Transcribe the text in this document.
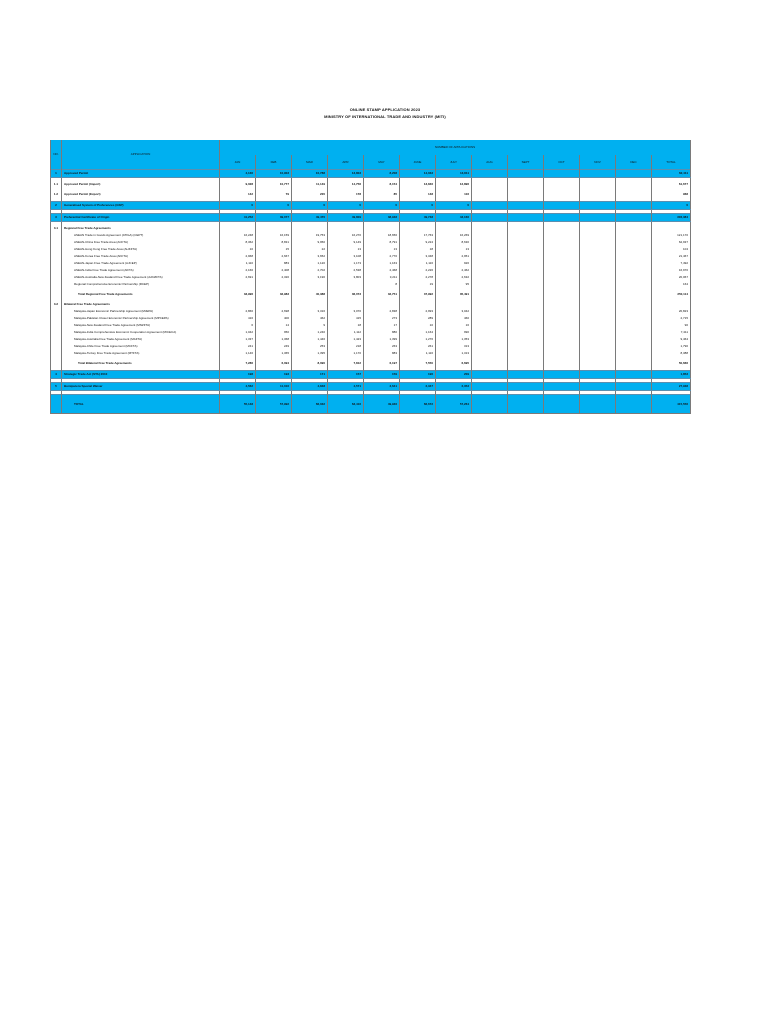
ONLINE STAMP APPLICATION 2023
MINISTRY OF INTERNATIONAL TRADE AND INDUSTRY (MITI)
NO.	APPLICATION	NUMBER OF APPLICATIONS												
		JAN	FEB	MAR	APR	MAY	JUNE	JULY	AUG	SEPT	OCT	NOV	DEC	TOTAL
1	Approved Permit	4,136	10,903	10,788	13,803	8,208	14,033	13,811						62,411

1.1	Approved Permit (Import)	9,028	10,777	11,149	14,756	8,154	13,846	12,896						61,677

1.2	Approved Permit (Export)	142	79	220	178	85	148	116						968

2	Generalised System of Preferences (GSP)	0	0	0	0	0	0	0						0

3	Preferential Certificate of Origin	41,252	39,077	49,470	49,809	38,948	49,748	43,166						306,384

3.1	Regional Free Trade Agreements													
	ASEAN Trade in Goods Agreement (ATIGA) (CEPT)	16,248	16,159	19,753	16,270	18,656	17,763	16,269						121,170
	ASEAN-China Free Trade Area (ACFTA)	8,362	8,831	9,950	9,149	8,791	9,224	8,630						62,937
	ASEAN-Hong Kong Free Trade Area (AHKFTA)	10	15	22	13	13	18	13						104
	ASEAN-Korea Free Trade Area (AKFTA)	2,968	2,667	3,652	3,108	2,770	3,348	2,951						21,467
	ASEAN-Japan Free Trade Agreement (AJCEP)	1,110	883	1,120	1,173	1,163	1,116	926						7,492
	ASEAN-India Free Trade Agreement (AIFTA)	2,166	2,408	2,702	2,538	2,468	2,226	2,462						16,970
	ASEAN-Australia-New Zealand Free Trade Agreement (AANZFTA)	2,691	2,320	3,190	3,803	3,211	2,278	2,632						20,067
	Regional Comprehensive Economic Partnership (RCEP)					8	19	95						164

	Total Regional Free Trade Agreements	33,996	32,983	40,388	36,073	32,751	37,992	35,491						250,114

3.2	Bilateral Free Trade Agreements													
	Malaysia-Japan Economic Partnership Agreement (MJEPA)	2,866	2,698	3,316	3,070	2,838	2,993	3,042						20,823
	Malaysia-Pakistan Closer Economic Partnership Agreement (MPCEPA)	416	400	462	415	273	289	460						2,715
	Malaysia-New Zealand Free Trade Agreement (MNZFTA)	6	14	9	18	17	10	16						90
	Malaysia-India Comprehensive Economic Cooperation Agreement (MICECA)	1,042	950	1,240	1,112	880	1,164	990						7,411
	Malaysia-Australia Free Trade Agreement (MAFTA)	1,337	1,368	1,446	1,423	1,399	1,276	1,353						9,464
	Malaysia-Chile Free Trade Agreement (MCFTA)	241	249	253	218	263	261	313						1,790
	Malaysia-Turkey Free Trade Agreement (MTFTA)	1,146	1,365	1,395	1,170	883	1,116	1,313						8,388

	Total Bilateral Free Trade Agreements	7,286	6,094	8,090	7,812	6,197	7,550	6,695						50,666

4	Strategic Trade Act (STA) 2010	198	193	171	157	159	196	209						1,853

5	Bumiputera Special Waiver	4,562	11,016	4,848	4,571	3,641	2,347	2,353						27,938

	TOTAL	55,148	57,992	66,032	63,416	49,946	66,672	57,264						415,556
